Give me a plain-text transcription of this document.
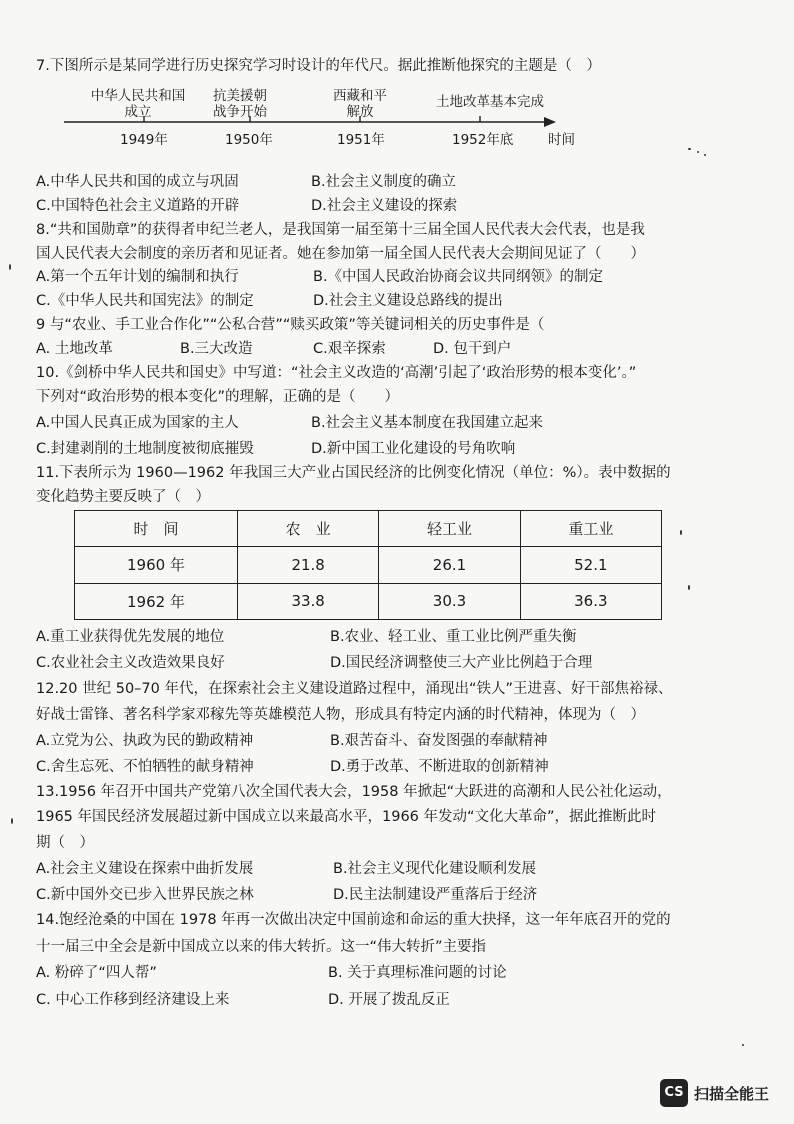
7.下图所示是某同学进行历史探究学习时设计的年代尺。据此推断他探究的主题是（　）
中华人民共和国
成立
抗美援朝
战争开始
西藏和平
解放
土地改革基本完成
1949年	1950年	1951年	1952年底	时间
A.中华人民共和国的成立与巩固	B.社会主义制度的确立
C.中国特色社会主义道路的开辟	D.社会主义建设的探索
8.“共和国勋章”的获得者申纪兰老人，是我国第一届至第十三届全国人民代表大会代表，也是我
国人民代表大会制度的亲历者和见证者。她在参加第一届全国人民代表大会期间见证了（　　）
A.第一个五年计划的编制和执行	B.《中国人民政治协商会议共同纲领》的制定
C.《中华人民共和国宪法》的制定	D.社会主义建设总路线的提出
9 与“农业、手工业合作化”“公私合营”“赎买政策”等关键词相关的历史事件是（
A. 土地改革	B.三大改造	C.艰辛探索	D. 包干到户
10.《剑桥中华人民共和国史》中写道：“社会主义改造的‘高潮’引起了‘政治形势的根本变化’。”
下列对“政治形势的根本变化”的理解，正确的是（　　）
A.中国人民真正成为国家的主人	B.社会主义基本制度在我国建立起来
C.封建剥削的土地制度被彻底摧毁	D.新中国工业化建设的号角吹响
11.下表所示为 1960—1962 年我国三大产业占国民经济的比例变化情况（单位：%）。表中数据的
变化趋势主要反映了（　）
时　间	农　业	轻工业	重工业
1960 年	21.8	26.1	52.1
1962 年	33.8	30.3	36.3
A.重工业获得优先发展的地位	B.农业、轻工业、重工业比例严重失衡
C.农业社会主义改造效果良好	D.国民经济调整使三大产业比例趋于合理
12.20 世纪 50–70 年代，在探索社会主义建设道路过程中，涌现出“铁人”王进喜、好干部焦裕禄、
好战士雷锋、著名科学家邓稼先等英雄模范人物，形成具有特定内涵的时代精神，体现为（　）
A.立党为公、执政为民的勤政精神	B.艰苦奋斗、奋发图强的奉献精神
C.舍生忘死、不怕牺牲的献身精神	D.勇于改革、不断进取的创新精神
13.1956 年召开中国共产党第八次全国代表大会，1958 年掀起“大跃进的高潮和人民公社化运动，
1965 年国民经济发展超过新中国成立以来最高水平，1966 年发动“文化大革命”，据此推断此时
期（　）
A.社会主义建设在探索中曲折发展	B.社会主义现代化建设顺利发展
C.新中国外交已步入世界民族之林	D.民主法制建设严重落后于经济
14.饱经沧桑的中国在 1978 年再一次做出决定中国前途和命运的重大抉择，这一年年底召开的党的
十一届三中全会是新中国成立以来的伟大转折。这一“伟大转折”主要指
A. 粉碎了“四人帮”	B. 关于真理标准问题的讨论
C. 中心工作移到经济建设上来	D. 开展了拨乱反正
CS 扫描全能王
